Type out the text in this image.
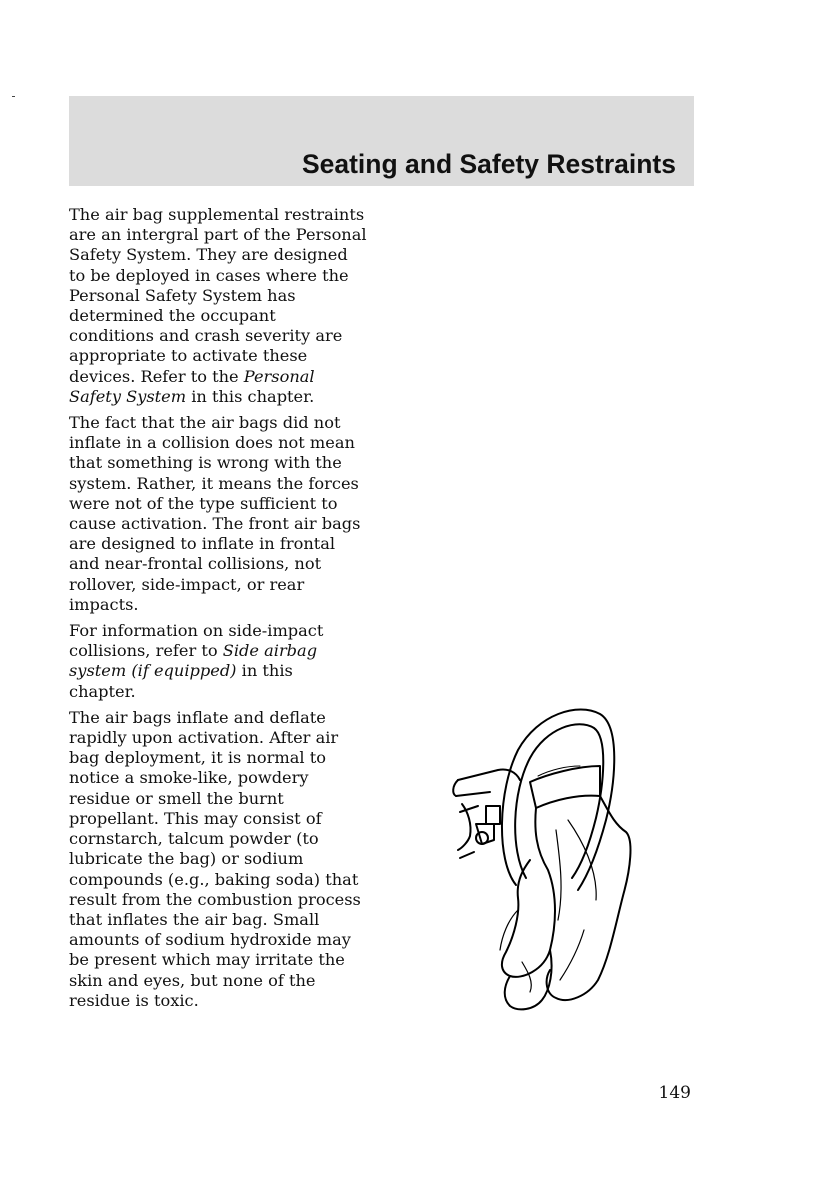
Seating and Safety Restraints

The air bag supplemental restraints
are an intergral part of the Personal
Safety System. They are designed
to be deployed in cases where the
Personal Safety System has
determined the occupant
conditions and crash severity are
appropriate to activate these
devices. Refer to the Personal
Safety System in this chapter.

The fact that the air bags did not
inflate in a collision does not mean
that something is wrong with the
system. Rather, it means the forces
were not of the type sufficient to
cause activation. The front air bags
are designed to inflate in frontal
and near-frontal collisions, not
rollover, side-impact, or rear
impacts.

For information on side-impact
collisions, refer to Side airbag
system (if equipped) in this
chapter.

The air bags inflate and deflate
rapidly upon activation. After air
bag deployment, it is normal to
notice a smoke-like, powdery
residue or smell the burnt
propellant. This may consist of
cornstarch, talcum powder (to
lubricate the bag) or sodium
compounds (e.g., baking soda) that
result from the combustion process
that inflates the air bag. Small
amounts of sodium hydroxide may
be present which may irritate the
skin and eyes, but none of the
residue is toxic.

149
